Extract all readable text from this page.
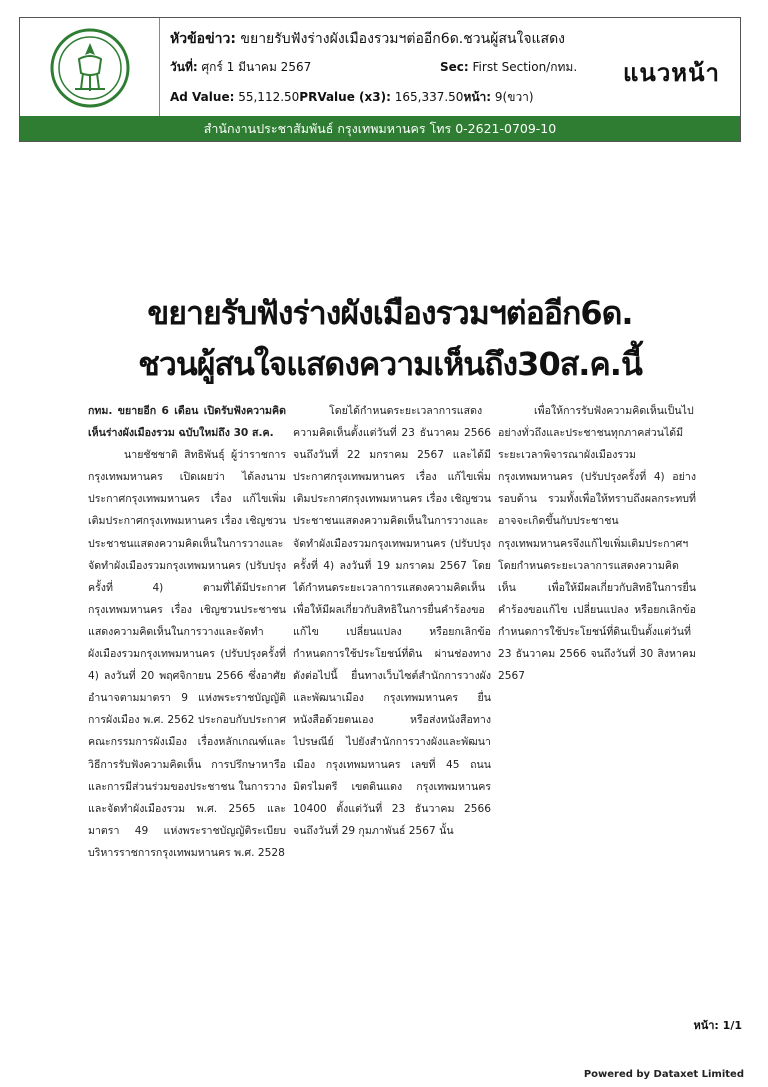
หัวข้อข่าว: ขยายรับฟังร่างผังเมืองรวมฯต่ออีก6ด.ชวนผู้สนใจแสดง
วันที่: ศุกร์ 1 มีนาคม 2567	Sec: First Section/กทม.
Ad Value: 55,112.50PRValue (x3): 165,337.50หน้า: 9(ขวา)
แนวหน้า
สำนักงานประชาสัมพันธ์ กรุงเทพมหานคร โทร 0-2621-0709-10
ขยายรับฟังร่างผังเมืองรวมฯต่ออีก6ด.
ชวนผู้สนใจแสดงความเห็นถึง30ส.ค.นี้

กทม. ขยายอีก 6 เดือน เปิดรับฟังความคิดเห็นร่างผังเมืองรวม ฉบับใหม่ถึง 30 ส.ค.

นายชัชชาติ สิทธิพันธุ์ ผู้ว่าราชการกรุงเทพมหานคร เปิดเผยว่า ได้ลงนามประกาศกรุงเทพมหานคร เรื่อง แก้ไขเพิ่มเติมประกาศกรุงเทพมหานคร เรื่อง เชิญชวนประชาชนแสดงความคิดเห็นในการวางและจัดทำผังเมืองรวมกรุงเทพมหานคร (ปรับปรุงครั้งที่ 4) ตามที่ได้มีประกาศกรุงเทพมหานคร เรื่อง เชิญชวนประชาชนแสดงความคิดเห็นในการวางและจัดทำผังเมืองรวมกรุงเทพมหานคร (ปรับปรุงครั้งที่ 4) ลงวันที่ 20 พฤศจิกายน 2566 ซึ่งอาศัยอำนาจตามมาตรา 9 แห่งพระราชบัญญัติการผังเมือง พ.ศ. 2562 ประกอบกับประกาศคณะกรรมการผังเมือง เรื่องหลักเกณฑ์และวิธีการรับฟังความคิดเห็น การปรึกษาหารือ และการมีส่วนร่วมของประชาชน ในการวางและจัดทำผังเมืองรวม พ.ศ. 2565 และมาตรา 49 แห่งพระราชบัญญัติระเบียบบริหารราชการกรุงเทพมหานคร พ.ศ. 2528

โดยได้กำหนดระยะเวลาการแสดงความคิดเห็นตั้งแต่วันที่ 23 ธันวาคม 2566 จนถึงวันที่ 22 มกราคม 2567 และได้มีประกาศกรุงเทพมหานคร เรื่อง แก้ไขเพิ่มเติมประกาศกรุงเทพมหานคร เรื่อง เชิญชวนประชาชนแสดงความคิดเห็นในการวางและจัดทำผังเมืองรวมกรุงเทพมหานคร (ปรับปรุงครั้งที่ 4) ลงวันที่ 19 มกราคม 2567 โดยได้กำหนดระยะเวลาการแสดงความคิดเห็น เพื่อให้มีผลเกี่ยวกับสิทธิในการยื่นคำร้องขอแก้ไข เปลี่ยนแปลง หรือยกเลิกข้อกำหนดการใช้ประโยชน์ที่ดิน ผ่านช่องทาง ดังต่อไปนี้ ยื่นทางเว็บไซต์สำนักการวางผังและพัฒนาเมือง กรุงเทพมหานคร ยื่นหนังสือด้วยตนเอง หรือส่งหนังสือทางไปรษณีย์ ไปยังสำนักการวางผังและพัฒนาเมือง กรุงเทพมหานคร เลขที่ 45 ถนนมิตรไมตรี เขตดินแดง กรุงเทพมหานคร 10400 ตั้งแต่วันที่ 23 ธันวาคม 2566 จนถึงวันที่ 29 กุมภาพันธ์ 2567 นั้น

เพื่อให้การรับฟังความคิดเห็นเป็นไปอย่างทั่วถึงและประชาชนทุกภาคส่วนได้มีระยะเวลาพิจารณาผังเมืองรวมกรุงเทพมหานคร (ปรับปรุงครั้งที่ 4) อย่างรอบด้าน รวมทั้งเพื่อให้ทราบถึงผลกระทบที่อาจจะเกิดขึ้นกับประชาชน กรุงเทพมหานครจึงแก้ไขเพิ่มเติมประกาศฯ โดยกำหนดระยะเวลาการแสดงความคิดเห็น เพื่อให้มีผลเกี่ยวกับสิทธิในการยื่นคำร้องขอแก้ไข เปลี่ยนแปลง หรือยกเลิกข้อกำหนดการใช้ประโยชน์ที่ดินเป็นตั้งแต่วันที่ 23 ธันวาคม 2566 จนถึงวันที่ 30 สิงหาคม 2567

หน้า: 1/1
Powered by Dataxet Limited
